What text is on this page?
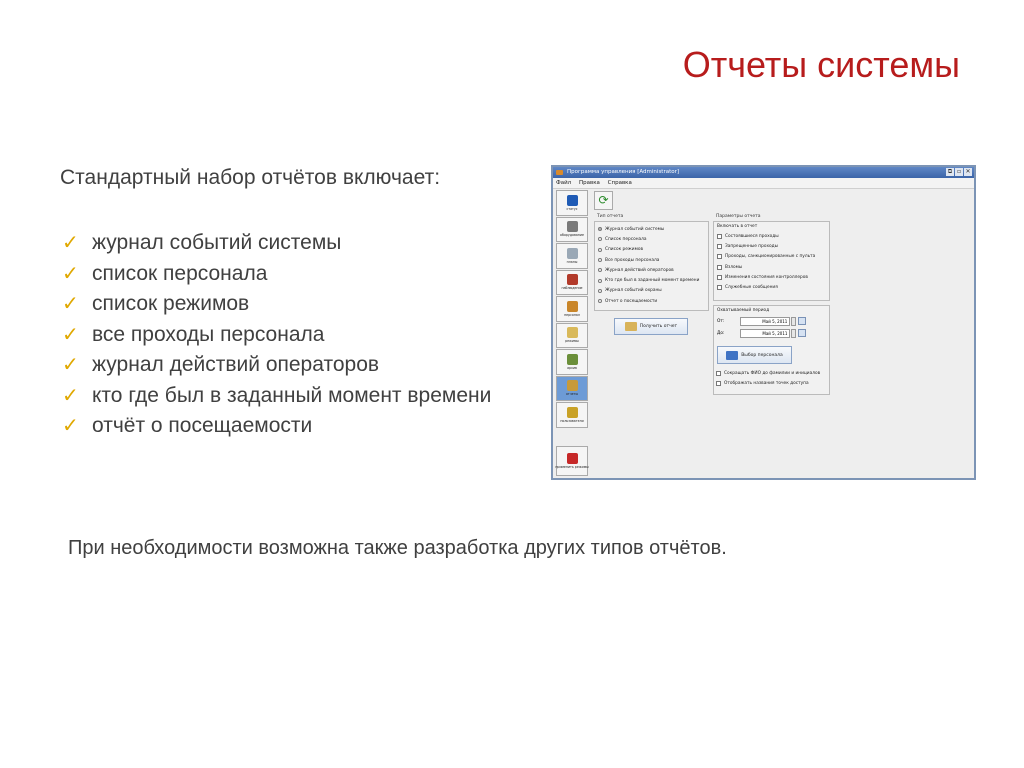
Отчеты системы
Стандартный набор отчётов включает:
✓ журнал событий системы
✓ список персонала
✓ список режимов
✓ все проходы персонала
✓ журнал действий операторов
✓ кто где был в заданный момент времени
✓ отчёт о посещаемости
При необходимости возможна также разработка других типов отчётов.
Программа управления [Administrator]	⧉ ▫ ✕
Файл Правка Справка
статус
оборудование
планы
наблюдение
персонал
режимы
архив
отчеты
пользователи
применить режимы
⟳
Тип отчета
Журнал событий системы
Список персонала
Список режимов
Все проходы персонала
Журнал действий операторов
Кто где был в заданный момент времени
Журнал событий охраны
Отчет о посещаемости
Получить отчет
Параметры отчета
Включать в отчет
Состоявшиеся проходы
Запрещенные проходы
Проходы, санкционированные с пульта
Взломы
Изменения состояния контроллеров
Служебные сообщения
Охватываемый период
От:	Май 5, 2011
До:	Май 5, 2011
Выбор персонала
Сокращать ФИО до фамилии и инициалов
Отображать названия точек доступа
